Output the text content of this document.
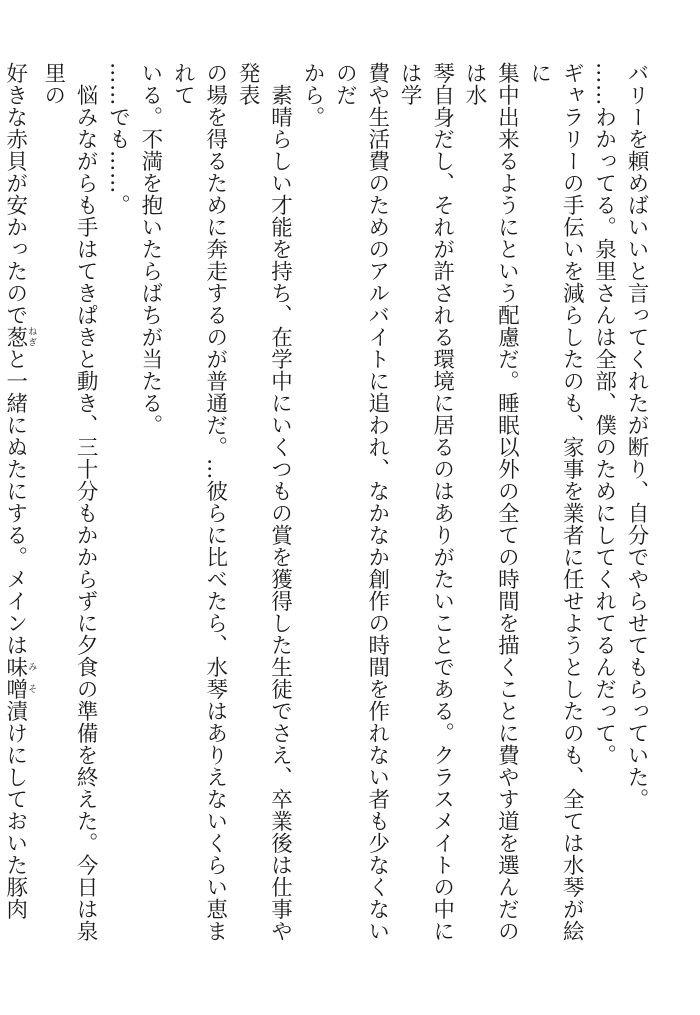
バリーを頼めばいいと言ってくれたが断り、自分でやらせてもらっていた。
……わかってる。泉里さんは全部、僕のためにしてくれてるんだって。
ギャラリーの手伝いを減らしたのも、家事を業者に任せようとしたのも、全ては水琴が絵に
集中出来るようにという配慮だ。睡眠以外の全ての時間を描くことに費やす道を選んだのは水
琴自身だし、それが許される環境に居るのはありがたいことである。クラスメイトの中には学
費や生活費のためのアルバイトに追われ、なかなか創作の時間を作れない者も少なくないのだ
から。
素晴らしい才能を持ち、在学中にいくつもの賞を獲得した生徒でさえ、卒業後は仕事や発表
の場を得るために奔走するのが普通だ。…彼らに比べたら、水琴はありえないくらい恵まれて
いる。不満を抱いたらばちが当たる。
……でも……。
悩みながらも手はてきぱきと動き、三十分もかからずに夕食の準備を終えた。今日は泉里の
好きな赤貝が安かったので葱ねぎと一緒にぬたにする。メインは味噌みそ漬けにしておいた豚肉
